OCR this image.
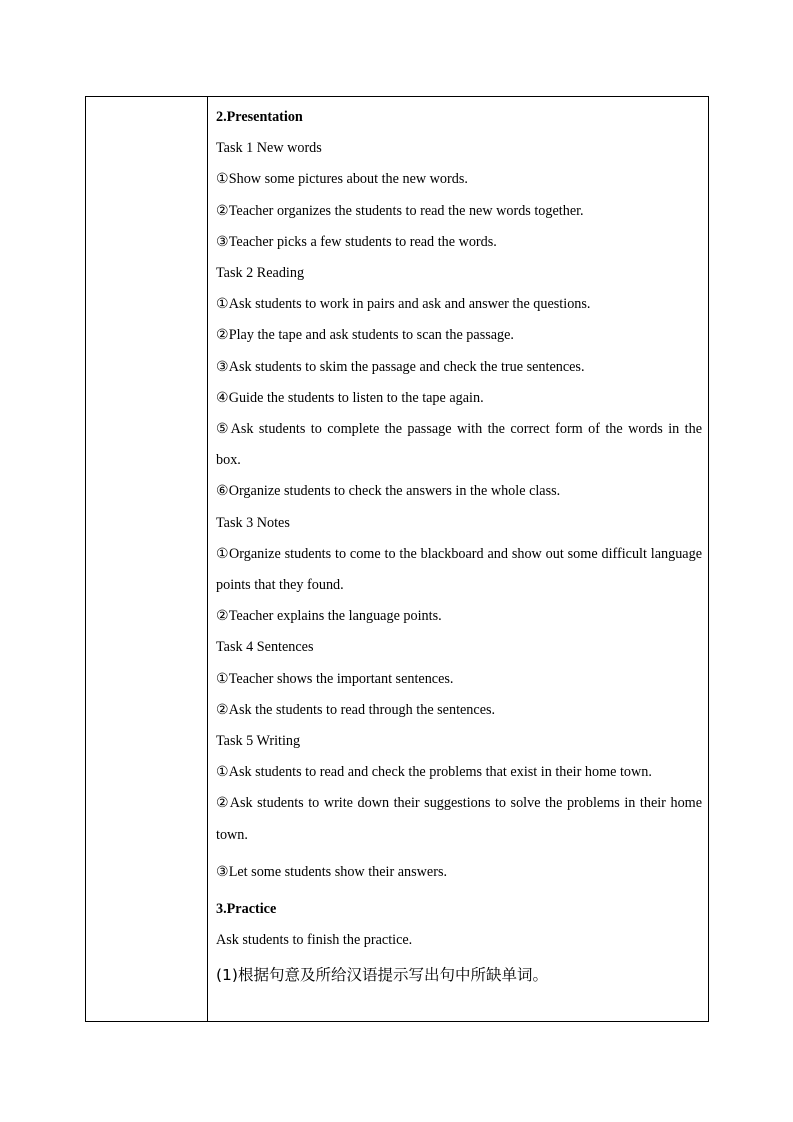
2.Presentation
Task 1 New words
①Show some pictures about the new words.
②Teacher organizes the students to read the new words together.
③Teacher picks a few students to read the words.
Task 2 Reading
①Ask students to work in pairs and ask and answer the questions.
②Play the tape and ask students to scan the passage.
③Ask students to skim the passage and check the true sentences.
④Guide the students to listen to the tape again.
⑤Ask students to complete the passage with the correct form of the words in the box.
⑥Organize students to check the answers in the whole class.
Task 3 Notes
①Organize students to come to the blackboard and show out some difficult language points that they found.
②Teacher explains the language points.
Task 4 Sentences
①Teacher shows the important sentences.
②Ask the students to read through the sentences.
Task 5 Writing
①Ask students to read and check the problems that exist in their home town.
②Ask students to write down their suggestions to solve the problems in their home town.
③Let some students show their answers.
3.Practice
Ask students to finish the practice.
(1)根据句意及所给汉语提示写出句中所缺单词。
